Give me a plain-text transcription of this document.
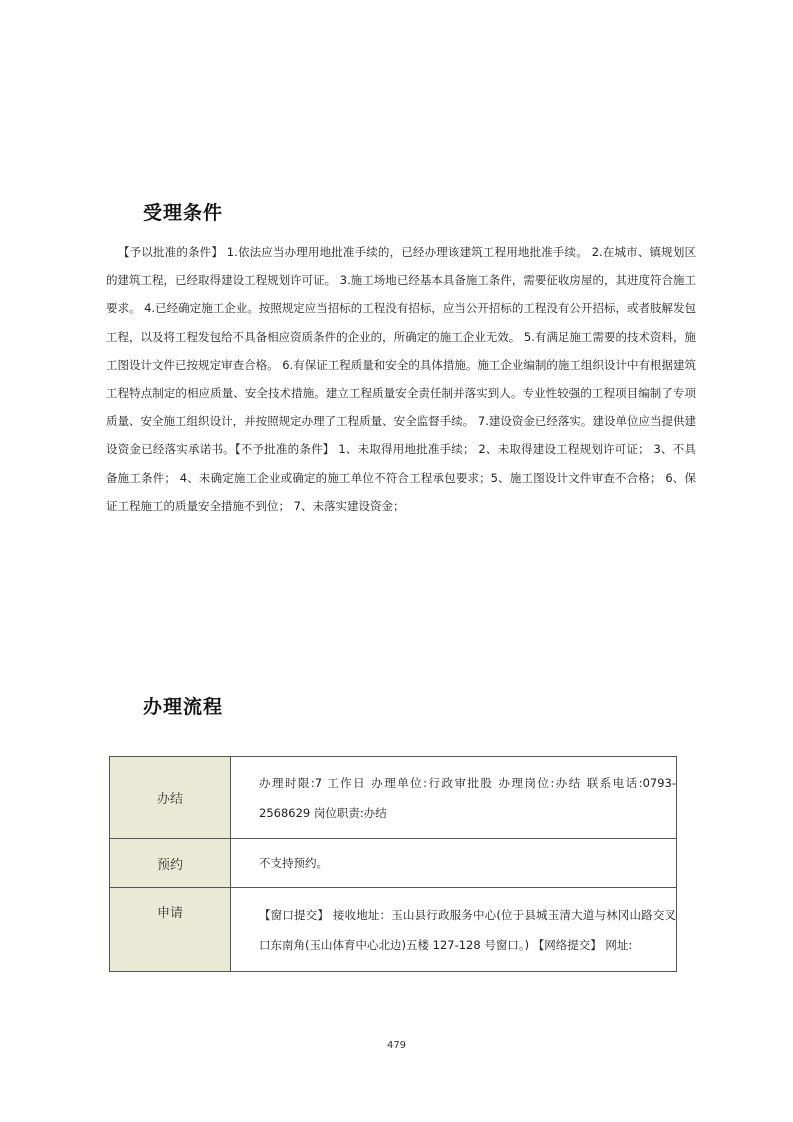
受理条件
【予以批准的条件】 1.依法应当办理用地批准手续的，已经办理该建筑工程用地批准手续。 2.在城市、镇规划区的建筑工程，已经取得建设工程规划许可证。 3.施工场地已经基本具备施工条件，需要征收房屋的，其进度符合施工要求。 4.已经确定施工企业。按照规定应当招标的工程没有招标，应当公开招标的工程没有公开招标，或者肢解发包工程，以及将工程发包给不具备相应资质条件的企业的，所确定的施工企业无效。 5.有满足施工需要的技术资料，施工图设计文件已按规定审查合格。 6.有保证工程质量和安全的具体措施。施工企业编制的施工组织设计中有根据建筑工程特点制定的相应质量、安全技术措施。建立工程质量安全责任制并落实到人。专业性较强的工程项目编制了专项质量、安全施工组织设计，并按照规定办理了工程质量、安全监督手续。 7.建设资金已经落实。建设单位应当提供建设资金已经落实承诺书。【不予批准的条件】 1、未取得用地批准手续； 2、未取得建设工程规划许可证； 3、不具备施工条件； 4、未确定施工企业或确定的施工单位不符合工程承包要求；5、施工图设计文件审查不合格； 6、保证工程施工的质量安全措施不到位； 7、未落实建设资金；
办理流程
办结	办理时限:7 工作日 办理单位:行政审批股 办理岗位:办结 联系电话:0793-2568629 岗位职责:办结
预约	不支持预约。
申请	【窗口提交】 接收地址：玉山县行政服务中心(位于县城玉清大道与林冈山路交叉口东南角(玉山体育中心北边)五楼 127-128 号窗口。) 【网络提交】 网址:
479
